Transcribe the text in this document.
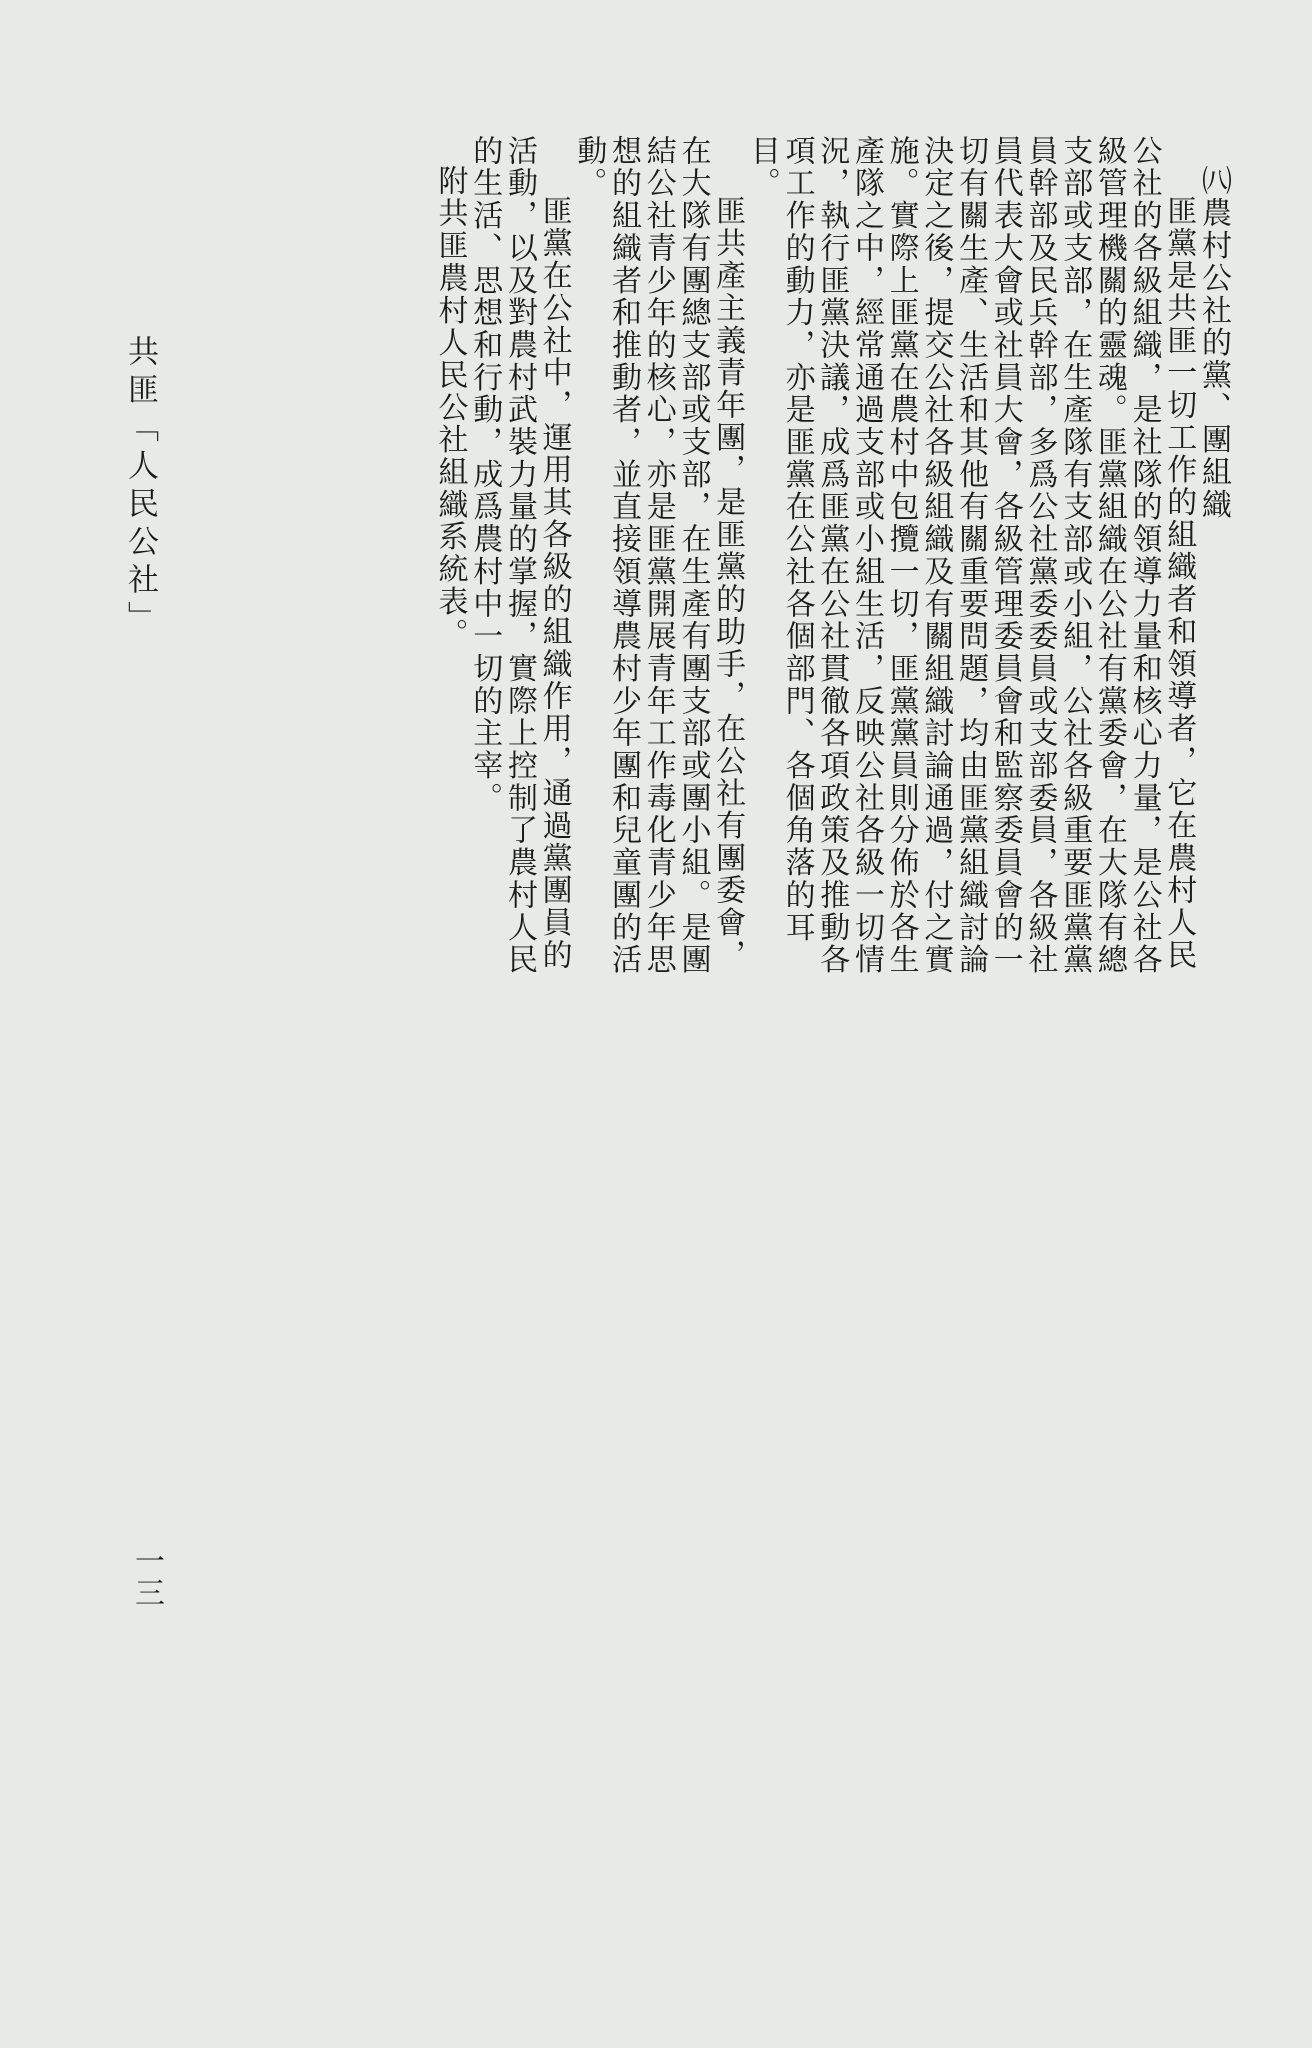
㈧農村公社的黨、團組織

匪黨是共匪一切工作的組織者和領導者，它在農村人民公社的各級組織，是社隊的領導力量和核心力量，是公社各級管理機關的靈魂。匪黨組織在公社有黨委會，在大隊有總支部或支部，在生產隊有支部或小組，公社各級重要匪黨黨員幹部及民兵幹部，多爲公社黨委委員或支部委員，各級社員代表大會或社員大會，各級管理委員會和監察委員會的一切有關生產、生活和其他有關重要問題，均由匪黨組織討論決定之後，提交公社各級組織及有關組織討論通過，付之實施。實際上匪黨在農村中包攬一切，匪黨黨員則分佈於各生產隊之中，經常通過支部或小組生活，反映公社各級一切情況，執行匪黨決議，成爲匪黨在公社貫徹各項政策及推動各項工作的動力，亦是匪黨在公社各個部門、各個角落的耳目。

匪共產主義青年團，是匪黨的助手，在公社有團委會，在大隊有團總支部或支部，在生產有團支部或團小組。是團結公社青少年的核心，亦是匪黨開展青年工作毒化青少年思想的組織者和推動者，並直接領導農村少年團和兒童團的活動。

匪黨在公社中，運用其各級的組織作用，通過黨團員的活動，以及對農村武裝力量的掌握，實際上控制了農村人民的生活、思想和行動，成爲農村中一切的主宰。

附共匪農村人民公社組織系統表。

共匪「人民公社」
一三
